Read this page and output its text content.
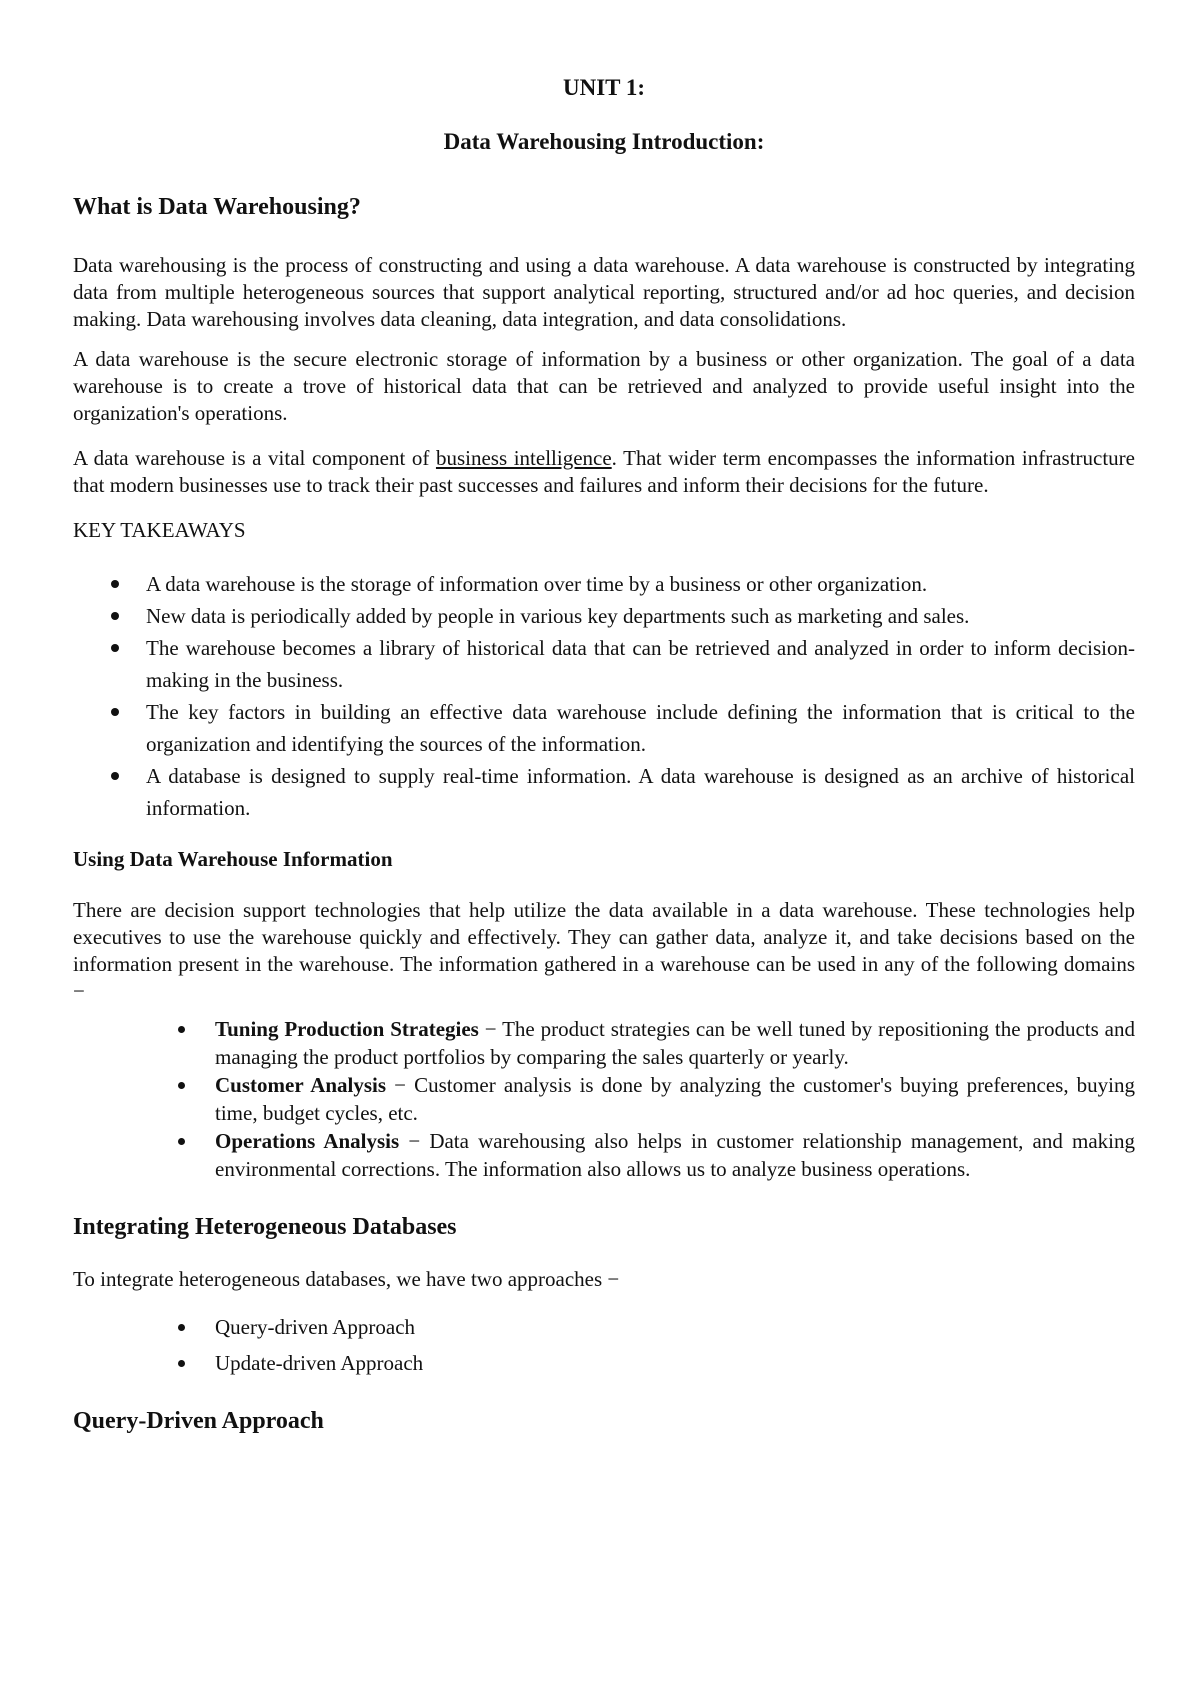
UNIT 1:

Data Warehousing Introduction:

What is Data Warehousing?

Data warehousing is the process of constructing and using a data warehouse. A data warehouse is constructed by integrating data from multiple heterogeneous sources that support analytical reporting, structured and/or ad hoc queries, and decision making. Data warehousing involves data cleaning, data integration, and data consolidations.

A data warehouse is the secure electronic storage of information by a business or other organization. The goal of a data warehouse is to create a trove of historical data that can be retrieved and analyzed to provide useful insight into the organization's operations.

A data warehouse is a vital component of business intelligence. That wider term encompasses the information infrastructure that modern businesses use to track their past successes and failures and inform their decisions for the future.

KEY TAKEAWAYS

A data warehouse is the storage of information over time by a business or other organization.
New data is periodically added by people in various key departments such as marketing and sales.
The warehouse becomes a library of historical data that can be retrieved and analyzed in order to inform decision-making in the business.
The key factors in building an effective data warehouse include defining the information that is critical to the organization and identifying the sources of the information.
A database is designed to supply real-time information. A data warehouse is designed as an archive of historical information.

Using Data Warehouse Information

There are decision support technologies that help utilize the data available in a data warehouse. These technologies help executives to use the warehouse quickly and effectively. They can gather data, analyze it, and take decisions based on the information present in the warehouse. The information gathered in a warehouse can be used in any of the following domains −

Tuning Production Strategies − The product strategies can be well tuned by repositioning the products and managing the product portfolios by comparing the sales quarterly or yearly.
Customer Analysis − Customer analysis is done by analyzing the customer's buying preferences, buying time, budget cycles, etc.
Operations Analysis − Data warehousing also helps in customer relationship management, and making environmental corrections. The information also allows us to analyze business operations.
Integrating Heterogeneous Databases

To integrate heterogeneous databases, we have two approaches −

Query-driven Approach
Update-driven Approach
Query-Driven Approach
